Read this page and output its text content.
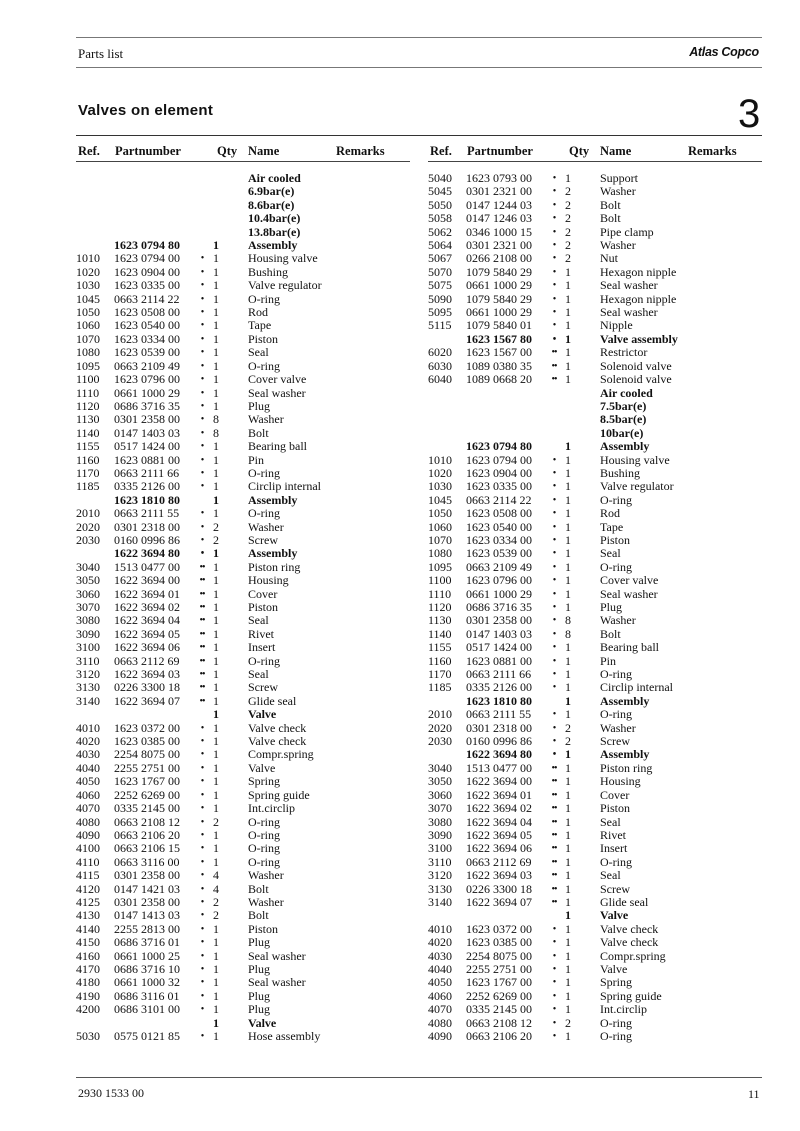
Parts list	Atlas Copco
Valves on element	3
Ref. Partnumber	Qty Name	Remarks
Air cooled
6.9bar(e)
8.6bar(e)
10.4bar(e)
13.8bar(e)
1623 0794 80	1 Assembly
1010 1623 0794 00	• 1 Housing valve
1020 1623 0904 00	• 1 Bushing
1030 1623 0335 00	• 1 Valve regulator
1045 0663 2114 22	• 1 O-ring
1050 1623 0508 00	• 1 Rod
1060 1623 0540 00	• 1 Tape
1070 1623 0334 00	• 1 Piston
1080 1623 0539 00	• 1 Seal
1095 0663 2109 49	• 1 O-ring
1100 1623 0796 00	• 1 Cover valve
1110 0661 1000 29	• 1 Seal washer
1120 0686 3716 35	• 1 Plug
1130 0301 2358 00	• 8 Washer
1140 0147 1403 03	• 8 Bolt
1155 0517 1424 00	• 1 Bearing ball
1160 1623 0881 00	• 1 Pin
1170 0663 2111 66	• 1 O-ring
1185 0335 2126 00	• 1 Circlip internal
1623 1810 80	1 Assembly
2010 0663 2111 55	• 1 O-ring
2020 0301 2318 00	• 2 Washer
2030 0160 0996 86	• 2 Screw
1622 3694 80	• 1 Assembly
3040 1513 0477 00	•• 1 Piston ring
3050 1622 3694 00	•• 1 Housing
3060 1622 3694 01	•• 1 Cover
3070 1622 3694 02	•• 1 Piston
3080 1622 3694 04	•• 1 Seal
3090 1622 3694 05	•• 1 Rivet
3100 1622 3694 06	•• 1 Insert
3110 0663 2112 69	•• 1 O-ring
3120 1622 3694 03	•• 1 Seal
3130 0226 3300 18	•• 1 Screw
3140 1622 3694 07	•• 1 Glide seal
1 Valve
4010 1623 0372 00	• 1 Valve check
4020 1623 0385 00	• 1 Valve check
4030 2254 8075 00	• 1 Compr.spring
4040 2255 2751 00	• 1 Valve
4050 1623 1767 00	• 1 Spring
4060 2252 6269 00	• 1 Spring guide
4070 0335 2145 00	• 1 Int.circlip
4080 0663 2108 12	• 2 O-ring
4090 0663 2106 20	• 1 O-ring
4100 0663 2106 15	• 1 O-ring
4110 0663 3116 00	• 1 O-ring
4115 0301 2358 00	• 4 Washer
4120 0147 1421 03	• 4 Bolt
4125 0301 2358 00	• 2 Washer
4130 0147 1413 03	• 2 Bolt
4140 2255 2813 00	• 1 Piston
4150 0686 3716 01	• 1 Plug
4160 0661 1000 25	• 1 Seal washer
4170 0686 3716 10	• 1 Plug
4180 0661 1000 32	• 1 Seal washer
4190 0686 3116 01	• 1 Plug
4200 0686 3101 00	• 1 Plug
1 Valve
5030 0575 0121 85	• 1 Hose assembly
Ref. Partnumber	Qty Name	Remarks
5040 1623 0793 00	• 1 Support
5045 0301 2321 00	• 2 Washer
5050 0147 1244 03	• 2 Bolt
5058 0147 1246 03	• 2 Bolt
5062 0346 1000 15	• 2 Pipe clamp
5064 0301 2321 00	• 2 Washer
5067 0266 2108 00	• 2 Nut
5070 1079 5840 29	• 1 Hexagon nipple
5075 0661 1000 29	• 1 Seal washer
5090 1079 5840 29	• 1 Hexagon nipple
5095 0661 1000 29	• 1 Seal washer
5115 1079 5840 01	• 1 Nipple
1623 1567 80	• 1 Valve assembly
6020 1623 1567 00	•• 1 Restrictor
6030 1089 0380 35	•• 1 Solenoid valve
6040 1089 0668 20	•• 1 Solenoid valve
Air cooled
7.5bar(e)
8.5bar(e)
10bar(e)
1623 0794 80	1 Assembly
1010 1623 0794 00	• 1 Housing valve
1020 1623 0904 00	• 1 Bushing
1030 1623 0335 00	• 1 Valve regulator
1045 0663 2114 22	• 1 O-ring
1050 1623 0508 00	• 1 Rod
1060 1623 0540 00	• 1 Tape
1070 1623 0334 00	• 1 Piston
1080 1623 0539 00	• 1 Seal
1095 0663 2109 49	• 1 O-ring
1100 1623 0796 00	• 1 Cover valve
1110 0661 1000 29	• 1 Seal washer
1120 0686 3716 35	• 1 Plug
1130 0301 2358 00	• 8 Washer
1140 0147 1403 03	• 8 Bolt
1155 0517 1424 00	• 1 Bearing ball
1160 1623 0881 00	• 1 Pin
1170 0663 2111 66	• 1 O-ring
1185 0335 2126 00	• 1 Circlip internal
1623 1810 80	1 Assembly
2010 0663 2111 55	• 1 O-ring
2020 0301 2318 00	• 2 Washer
2030 0160 0996 86	• 2 Screw
1622 3694 80	• 1 Assembly
3040 1513 0477 00	•• 1 Piston ring
3050 1622 3694 00	•• 1 Housing
3060 1622 3694 01	•• 1 Cover
3070 1622 3694 02	•• 1 Piston
3080 1622 3694 04	•• 1 Seal
3090 1622 3694 05	•• 1 Rivet
3100 1622 3694 06	•• 1 Insert
3110 0663 2112 69	•• 1 O-ring
3120 1622 3694 03	•• 1 Seal
3130 0226 3300 18	•• 1 Screw
3140 1622 3694 07	•• 1 Glide seal
1 Valve
4010 1623 0372 00	• 1 Valve check
4020 1623 0385 00	• 1 Valve check
4030 2254 8075 00	• 1 Compr.spring
4040 2255 2751 00	• 1 Valve
4050 1623 1767 00	• 1 Spring
4060 2252 6269 00	• 1 Spring guide
4070 0335 2145 00	• 1 Int.circlip
4080 0663 2108 12	• 2 O-ring
4090 0663 2106 20	• 1 O-ring
2930 1533 00	11
